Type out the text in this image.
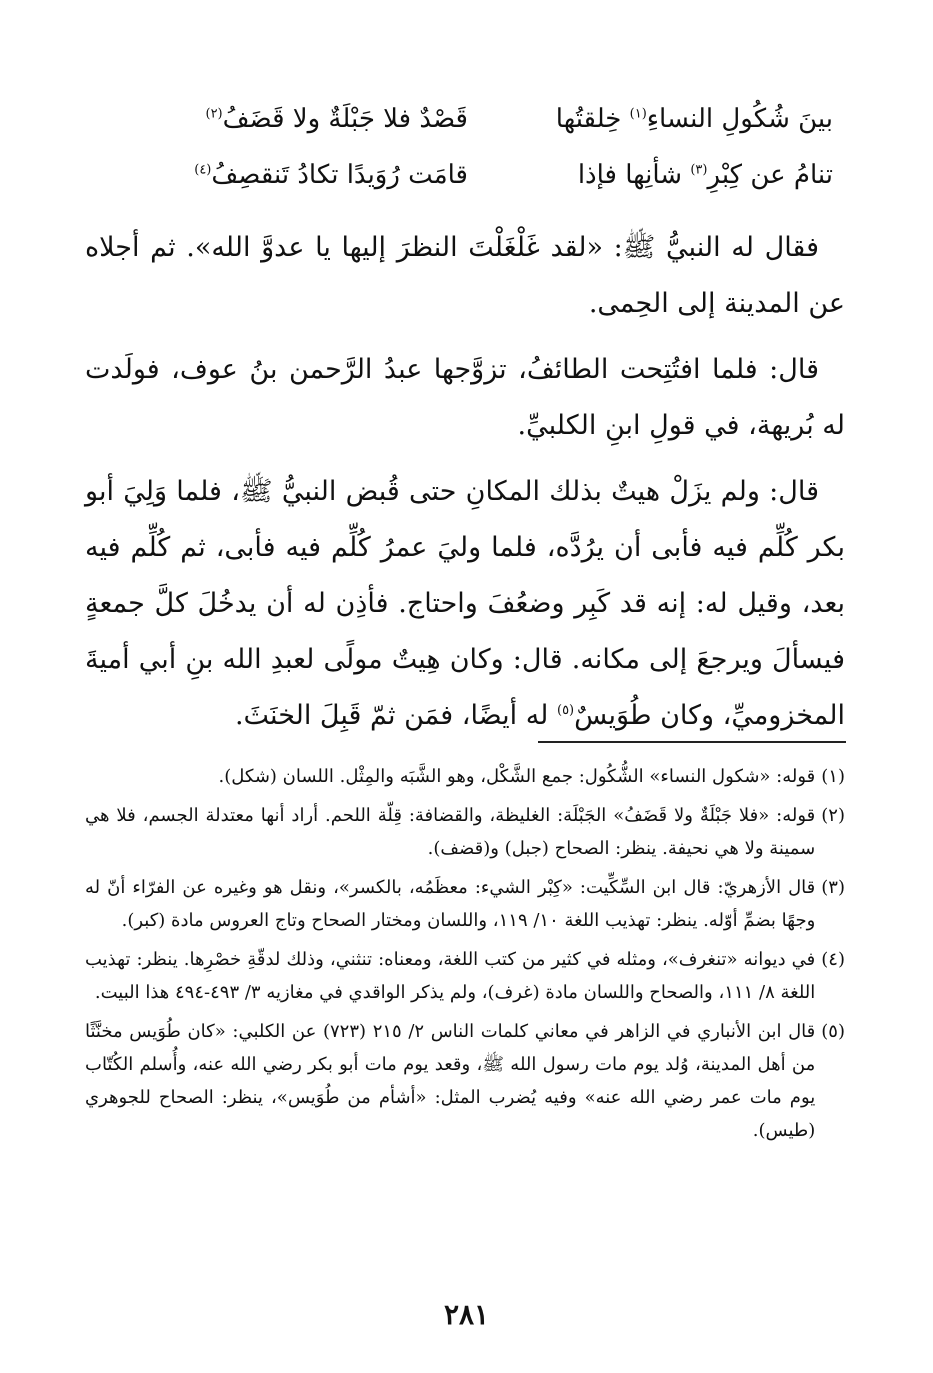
بينَ شُكُولِ النساءِ$^{(١)}$ خِلقتُها
قَصْدٌ فلا جَبْلَةٌ ولا قَضَفُ$^{(٢)}$
تنامُ عن كِبْرِ$^{(٣)}$ شأنِها فإذا
قامَت رُوَيدًا تكادُ تَنقصِفُ$^{(٤)}$

فقال له النبيُّ ﷺ: «لقد غَلْغَلْتَ النظرَ إليها يا عدوَّ الله». ثم أجلاه عن المدينة إلى الحِمى.

قال: فلما افتُتِحت الطائفُ، تزوَّجها عبدُ الرَّحمن بنُ عوف، فولَدت له بُريهة، في قولِ ابنِ الكلبيِّ.

قال: ولم يزَلْ هيتٌ بذلك المكانِ حتى قُبض النبيُّ ﷺ، فلما وَلِيَ أبو بكر كُلِّم فيه فأبى أن يرُدَّه، فلما وليَ عمرُ كُلِّم فيه فأبى، ثم كُلِّم فيه بعد، وقيل له: إنه قد كَبِر وضعُفَ واحتاج. فأذِن له أن يدخُلَ كلَّ جمعةٍ فيسألَ ويرجعَ إلى مكانه. قال: وكان هِيتٌ مولًى لعبدِ الله بنِ أبي أميةَ المخزوميِّ، وكان طُوَيسٌ$^{(٥)}$ له أيضًا، فمَن ثمّ قَبِلَ الخنَثَ.

(١)
قوله: «شكول النساء» الشُّكُول: جمع الشَّكْل، وهو الشَّبَه والمِثْل. اللسان (شكل).
(٢)
قوله: «فلا جَبْلَةٌ ولا قَضَفُ» الجَبْلَة: الغليظة، والقضافة: قِلّة اللحم. أراد أنها معتدلة الجسم، فلا هي سمينة ولا هي نحيفة. ينظر: الصحاح (جبل) و(قضف).
(٣)
قال الأزهريّ: قال ابن السِّكِّيت: «كِبْر الشيء: معظَمُه، بالكسر»، ونقل هو وغيره عن الفرّاء أنّ له وجهًا بضمِّ أوّله. ينظر: تهذيب اللغة ١٠/ ١١٩، واللسان ومختار الصحاح وتاج العروس مادة (كبر).
(٤)
في ديوانه «تنغرف»، ومثله في كثير من كتب اللغة، ومعناه: تنثني، وذلك لدقّةِ خصْرِها. ينظر: تهذيب اللغة ٨/ ١١١، والصحاح واللسان مادة (غرف)، ولم يذكر الواقدي في مغازيه ٣/ ٤٩٣-٤٩٤ هذا البيت.
(٥)
قال ابن الأنباري في الزاهر في معاني كلمات الناس ٢/ ٢١٥ (٧٢٣) عن الكلبي: «كان طُوَيس مخنَّثًا من أهل المدينة، وُلد يوم مات رسول الله ﷺ، وقعد يوم مات أبو بكر رضي الله عنه، وأُسلم الكُتّاب يوم مات عمر رضي الله عنه» وفيه يُضرب المثل: «أشأم من طُوَيس»، ينظر: الصحاح للجوهري (طيس).
٢٨١
